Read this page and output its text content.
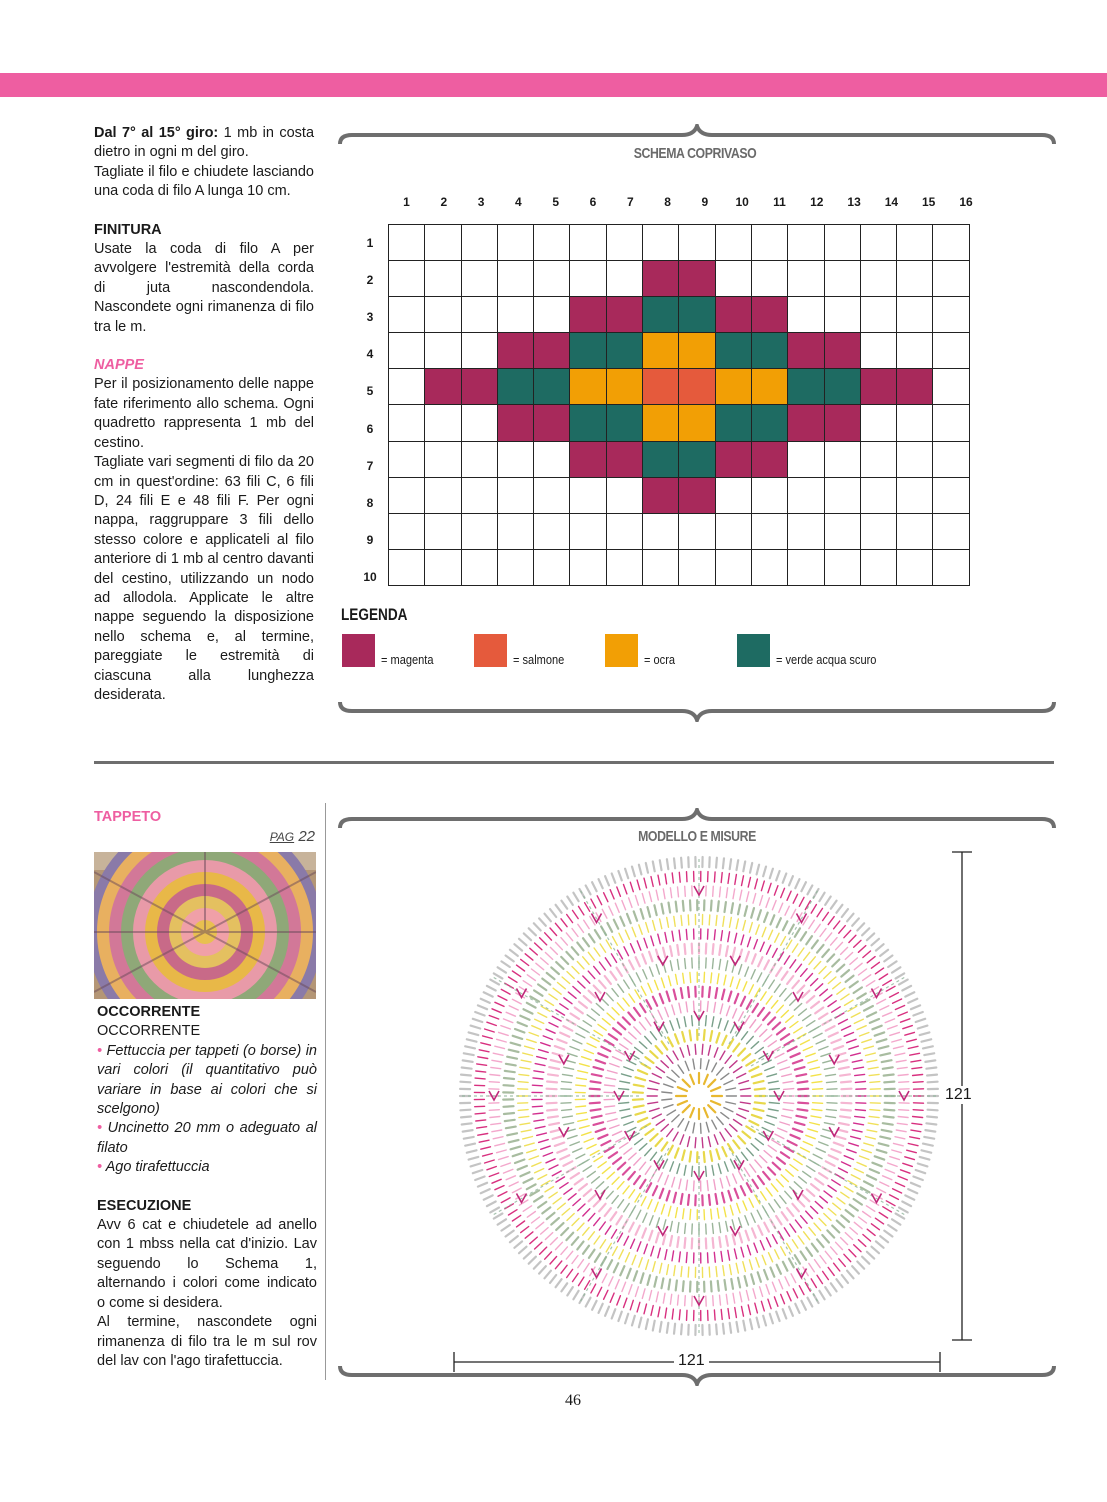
Dal 7° al 15° giro: 1 mb in costa dietro in ogni m del giro.

Tagliate il filo e chiudete lasciando una coda di filo A lunga 10 cm.

FINITURA

Usate la coda di filo A per avvolgere l'estremità della corda di juta nascondendola. Nascondete ogni rimanenza di filo tra le m.

NAPPE

Per il posizionamento delle nappe fate riferimento allo schema. Ogni quadretto rappresenta 1 mb del cestino.

Tagliate vari segmenti di filo da 20 cm in quest'ordine: 63 fili C, 6 fili D, 24 fili E e 48 fili F. Per ogni nappa, raggruppare 3 fili dello stesso colore e applicateli al filo anteriore di 1 mb al centro davanti del cestino, utilizzando un nodo ad allodola. Applicate le altre nappe seguendo la disposizione nello schema e, al termine, pareggiate le estremità di ciascuna alla lunghezza desiderata.

SCHEMA COPRIVASO
1	2	3	4	5	6	7	8	9	10	11	12	13	14	15	16
1
2
3
4
5
6
7
8
9
10

LEGENDA
= magenta	= salmone	= ocra	= verde acqua scuro
TAPPETO
PAG 22
OCCORRENTE

OCCORRENTE

• Fettuccia per tappeti (o borse) in vari colori (il quantitativo può variare in base ai colori che si scelgono)

• Uncinetto 20 mm o adeguato al filato

• Ago tirafettuccia

ESECUZIONE

Avv 6 cat e chiudetele ad anello con 1 mbss nella cat d'inizio. Lav seguendo lo Schema 1, alternando i colori come indicato o come si desidera.

Al termine, nascondete ogni rimanenza di filo tra le m sul rov del lav con l'ago tirafettuccia.

MODELLO E MISURE
121
121
46
